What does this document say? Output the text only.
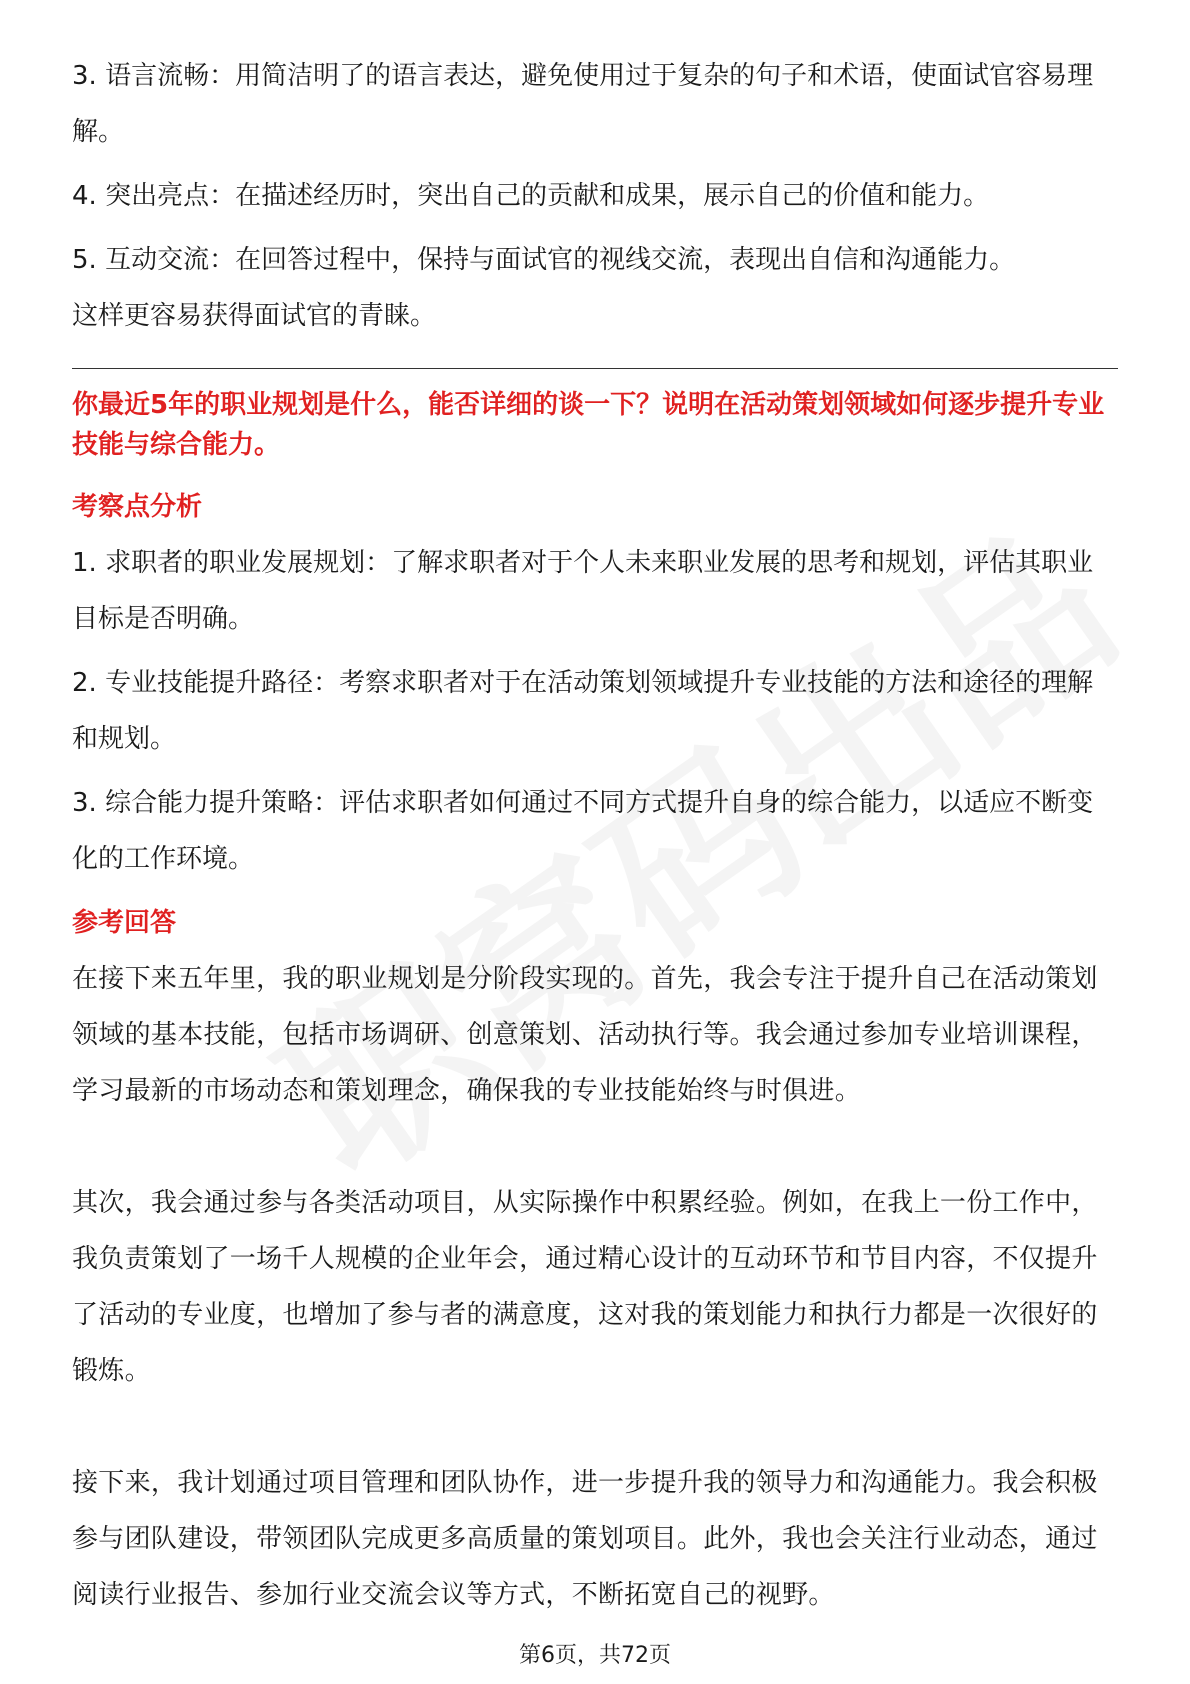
3. 语言流畅：用简洁明了的语言表达，避免使用过于复杂的句子和术语，使面试官容易理解。

4. 突出亮点：在描述经历时，突出自己的贡献和成果，展示自己的价值和能力。

5. 互动交流：在回答过程中，保持与面试官的视线交流，表现出自信和沟通能力。

这样更容易获得面试官的青睐。

你最近5年的职业规划是什么，能否详细的谈一下？说明在活动策划领域如何逐步提升专业技能与综合能力。

考察点分析

1. 求职者的职业发展规划：了解求职者对于个人未来职业发展的思考和规划，评估其职业目标是否明确。

2. 专业技能提升路径：考察求职者对于在活动策划领域提升专业技能的方法和途径的理解和规划。

3. 综合能力提升策略：评估求职者如何通过不同方式提升自身的综合能力，以适应不断变化的工作环境。

参考回答

在接下来五年里，我的职业规划是分阶段实现的。首先，我会专注于提升自己在活动策划领域的基本技能，包括市场调研、创意策划、活动执行等。我会通过参加专业培训课程，学习最新的市场动态和策划理念，确保我的专业技能始终与时俱进。

其次，我会通过参与各类活动项目，从实际操作中积累经验。例如，在我上一份工作中，我负责策划了一场千人规模的企业年会，通过精心设计的互动环节和节目内容，不仅提升了活动的专业度，也增加了参与者的满意度，这对我的策划能力和执行力都是一次很好的锻炼。

接下来，我计划通过项目管理和团队协作，进一步提升我的领导力和沟通能力。我会积极参与团队建设，带领团队完成更多高质量的策划项目。此外，我也会关注行业动态，通过阅读行业报告、参加行业交流会议等方式，不断拓宽自己的视野。

第6页，共72页
